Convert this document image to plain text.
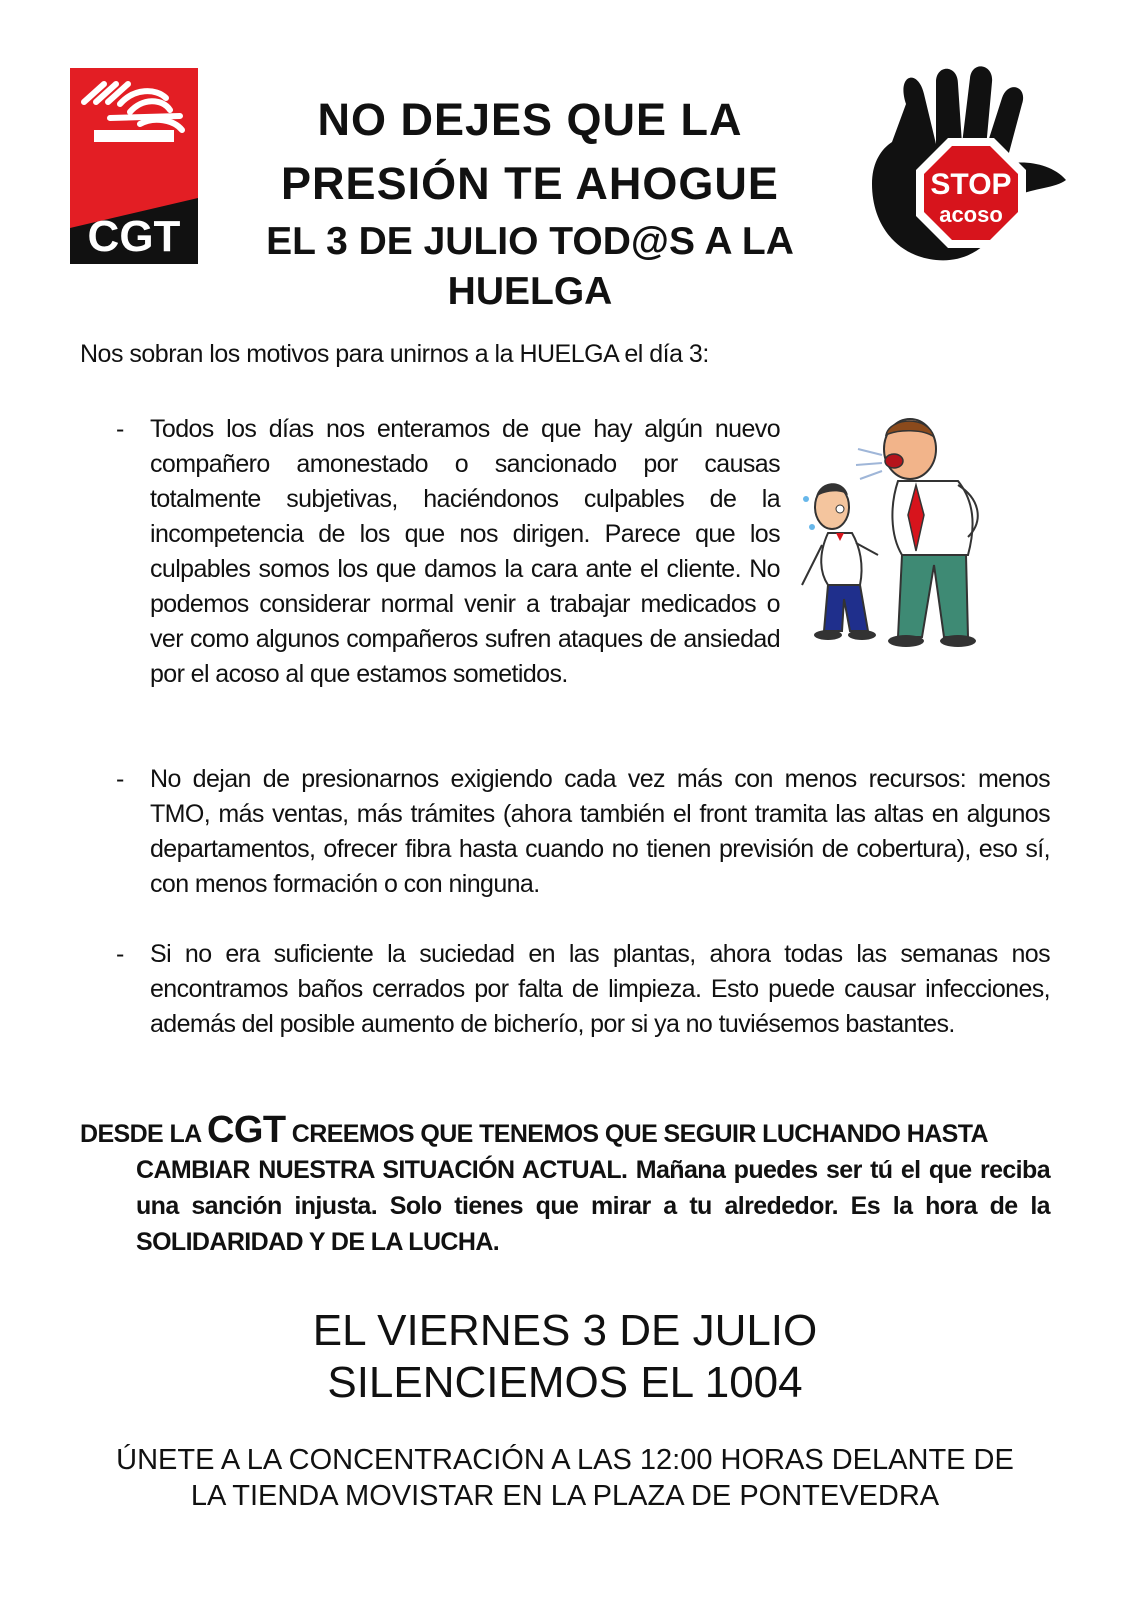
CGT
STOP
acoso
NO DEJES QUE LA
PRESIÓN TE AHOGUE
EL 3 DE JULIO TOD@S A LA
HUELGA
Nos sobran los motivos para unirnos a la HUELGA el día 3:
- Todos los días nos enteramos de que hay algún nuevo compañero amonestado o sancionado por causas totalmente subjetivas, haciéndonos culpables de la incompetencia de los que nos dirigen. Parece que los culpables somos los que damos la cara ante el cliente. No podemos considerar normal venir a trabajar medicados o ver como algunos compañeros sufren ataques de ansiedad por el acoso al que estamos sometidos.
- No dejan de presionarnos exigiendo cada vez más con menos recursos: menos TMO, más ventas, más trámites (ahora también el front tramita las altas en algunos departamentos, ofrecer fibra hasta cuando no tienen previsión de cobertura), eso sí, con menos formación o con ninguna.
- Si no era suficiente la suciedad en las plantas, ahora todas las semanas nos encontramos baños cerrados por falta de limpieza. Esto puede causar infecciones, además del posible aumento de bicherío, por si ya no tuviésemos bastantes.
DESDE LA CGT CREEMOS QUE TENEMOS QUE SEGUIR LUCHANDO HASTA
CAMBIAR NUESTRA SITUACIÓN ACTUAL. Mañana puedes ser tú el que reciba una sanción injusta. Solo tienes que mirar a tu alrededor. Es la hora de la SOLIDARIDAD Y DE LA LUCHA.
EL VIERNES 3 DE JULIO
SILENCIEMOS EL 1004
ÚNETE A LA CONCENTRACIÓN A LAS 12:00 HORAS DELANTE DE
LA TIENDA MOVISTAR EN LA PLAZA DE PONTEVEDRA
